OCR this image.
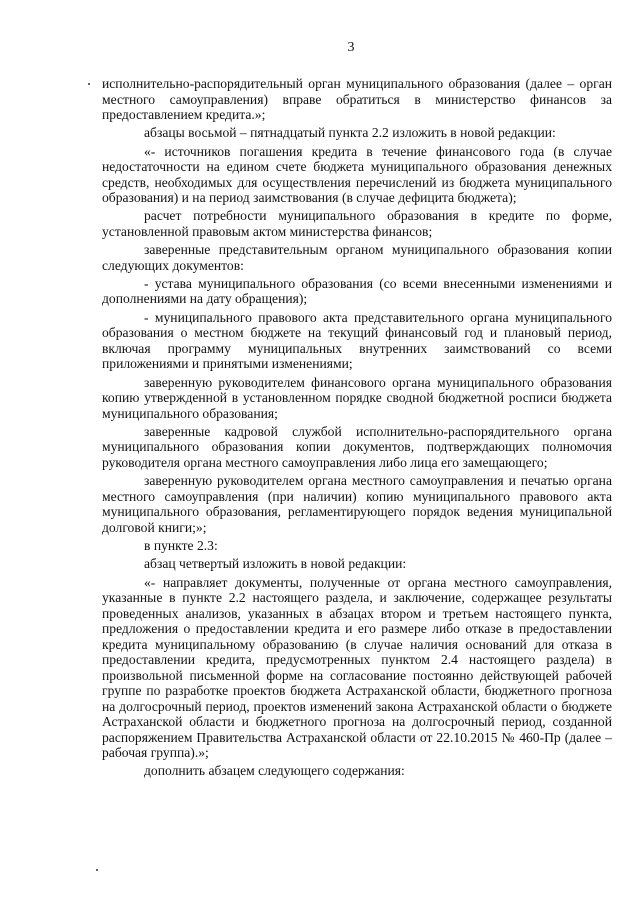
3

исполнительно-распорядительный орган муниципального образования (далее – орган местного самоуправления) вправе обратиться в министерство финансов за предоставлением кредита.»;

абзацы восьмой – пятнадцатый пункта 2.2 изложить в новой редакции:

«- источников погашения кредита в течение финансового года (в случае недостаточности на едином счете бюджета муниципального образования денежных средств, необходимых для осуществления перечислений из бюджета муниципального образования) и на период заимствования (в случае дефицита бюджета);

расчет потребности муниципального образования в кредите по форме, установленной правовым актом министерства финансов;

заверенные представительным органом муниципального образования копии следующих документов:

- устава муниципального образования (со всеми внесенными изменениями и дополнениями на дату обращения);

- муниципального правового акта представительного органа муниципального образования о местном бюджете на текущий финансовый год и плановый период, включая программу муниципальных внутренних заимствований со всеми приложениями и принятыми изменениями;

заверенную руководителем финансового органа муниципального образования копию утвержденной в установленном порядке сводной бюджетной росписи бюджета муниципального образования;

заверенные кадровой службой исполнительно-распорядительного органа муниципального образования копии документов, подтверждающих полномочия руководителя органа местного самоуправления либо лица его замещающего;

заверенную руководителем органа местного самоуправления и печатью органа местного самоуправления (при наличии) копию муниципального правового акта муниципального образования, регламентирующего порядок ведения муниципальной долговой книги;»;

в пункте 2.3:

абзац четвертый изложить в новой редакции:

«- направляет документы, полученные от органа местного самоуправления, указанные в пункте 2.2 настоящего раздела, и заключение, содержащее результаты проведенных анализов, указанных в абзацах втором и третьем настоящего пункта, предложения о предоставлении кредита и его размере либо отказе в предоставлении кредита муниципальному образованию (в случае наличия оснований для отказа в предоставлении кредита, предусмотренных пунктом 2.4 настоящего раздела) в произвольной письменной форме на согласование постоянно действующей рабочей группе по разработке проектов бюджета Астраханской области, бюджетного прогноза на долгосрочный период, проектов изменений закона Астраханской области о бюджете Астраханской области и бюджетного прогноза на долгосрочный период, созданной распоряжением Правительства Астраханской области от 22.10.2015 № 460-Пр (далее – рабочая группа).»;

дополнить абзацем следующего содержания:
